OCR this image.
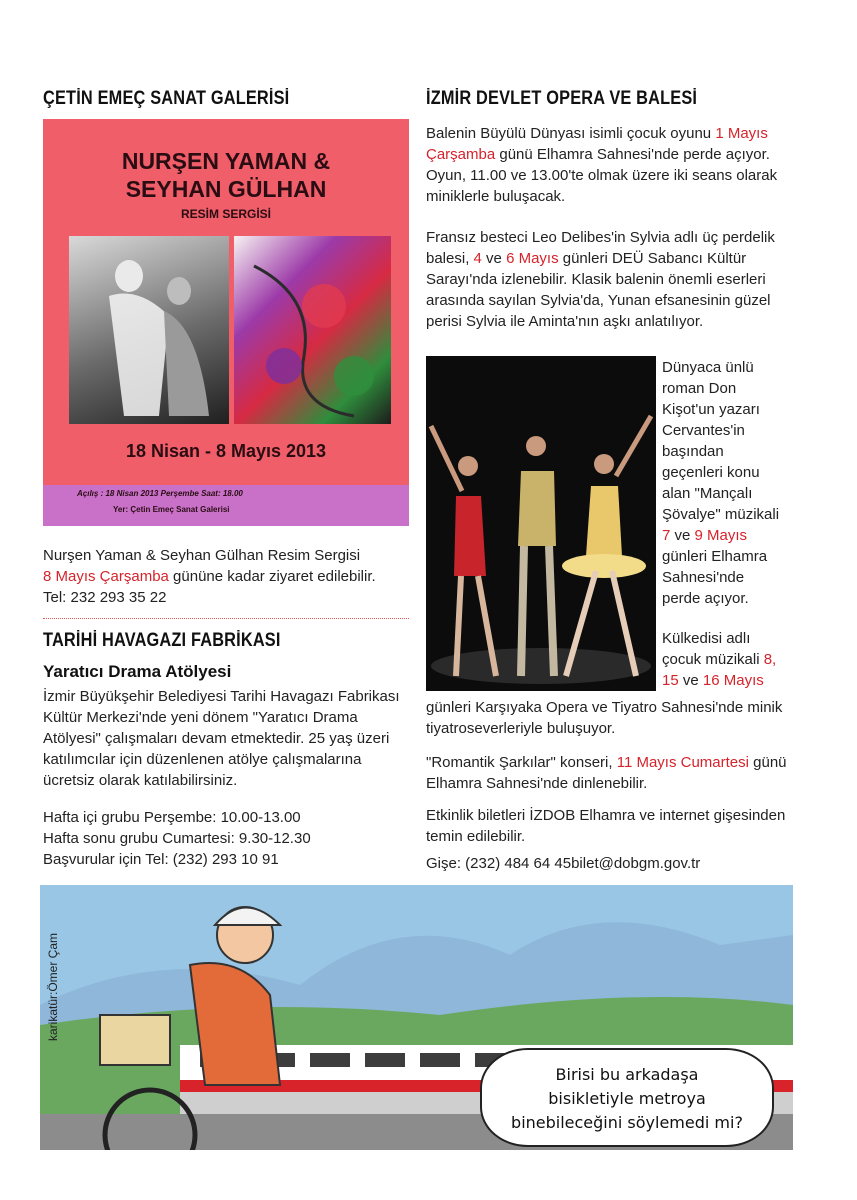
ÇETİN EMEÇ SANAT GALERİSİ
NURŞEN YAMAN &
SEYHAN GÜLHAN
RESİM SERGİSİ
18 Nisan - 8 Mayıs 2013
Açılış : 18 Nisan 2013 Perşembe Saat: 18.00
Yer: Çetin Emeç Sanat Galerisi
Nurşen Yaman & Seyhan Gülhan Resim Sergisi
8 Mayıs Çarşamba gününe kadar ziyaret edilebilir.
Tel: 232 293 35 22
TARİHİ HAVAGAZI FABRİKASI
Yaratıcı Drama Atölyesi
İzmir Büyükşehir Belediyesi Tarihi Havagazı Fabrikası Kültür Merkezi'nde yeni dönem "Yaratıcı Drama Atölyesi" çalışmaları devam etmektedir. 25 yaş üzeri katılımcılar için düzenlenen atölye çalışmalarına ücretsiz olarak katılabilirsiniz.
Hafta içi grubu Perşembe: 10.00-13.00
Hafta sonu grubu Cumartesi: 9.30-12.30
Başvurular için Tel: (232) 293 10 91
İZMİR DEVLET OPERA VE BALESİ
Balenin Büyülü Dünyası isimli çocuk oyunu 1 Mayıs Çarşamba günü Elhamra Sahnesi'nde perde açıyor. Oyun, 11.00 ve 13.00'te olmak üzere iki seans olarak miniklerle buluşacak.
Fransız besteci Leo Delibes'in Sylvia adlı üç perdelik balesi, 4 ve 6 Mayıs günleri DEÜ Sabancı Kültür Sarayı'nda izlenebilir. Klasik balenin önemli eserleri arasında sayılan Sylvia'da, Yunan efsanesinin güzel perisi Sylvia ile Aminta'nın aşkı anlatılıyor.
Dünyaca ünlü roman Don Kişot'un yazarı Cervantes'in başından geçenleri konu alan "Mançalı Şövalye" müzikali 7 ve 9 Mayıs günleri Elhamra Sahnesi'nde perde açıyor.
Külkedisi adlı çocuk müzikali 8, 15 ve 16 Mayıs
günleri Karşıyaka Opera ve Tiyatro Sahnesi'nde minik tiyatroseverleriyle buluşuyor.
"Romantik Şarkılar" konseri, 11 Mayıs Cumartesi günü Elhamra Sahnesi'nde dinlenebilir.
Etkinlik biletleri İZDOB Elhamra ve internet gişesinden temin edilebilir.
Gişe: (232) 484 64 45bilet@dobgm.gov.tr
karikatür:Ömer Çam
Birisi bu arkadaşa
bisikletiyle metroya
binebileceğini söylemedi mi?
